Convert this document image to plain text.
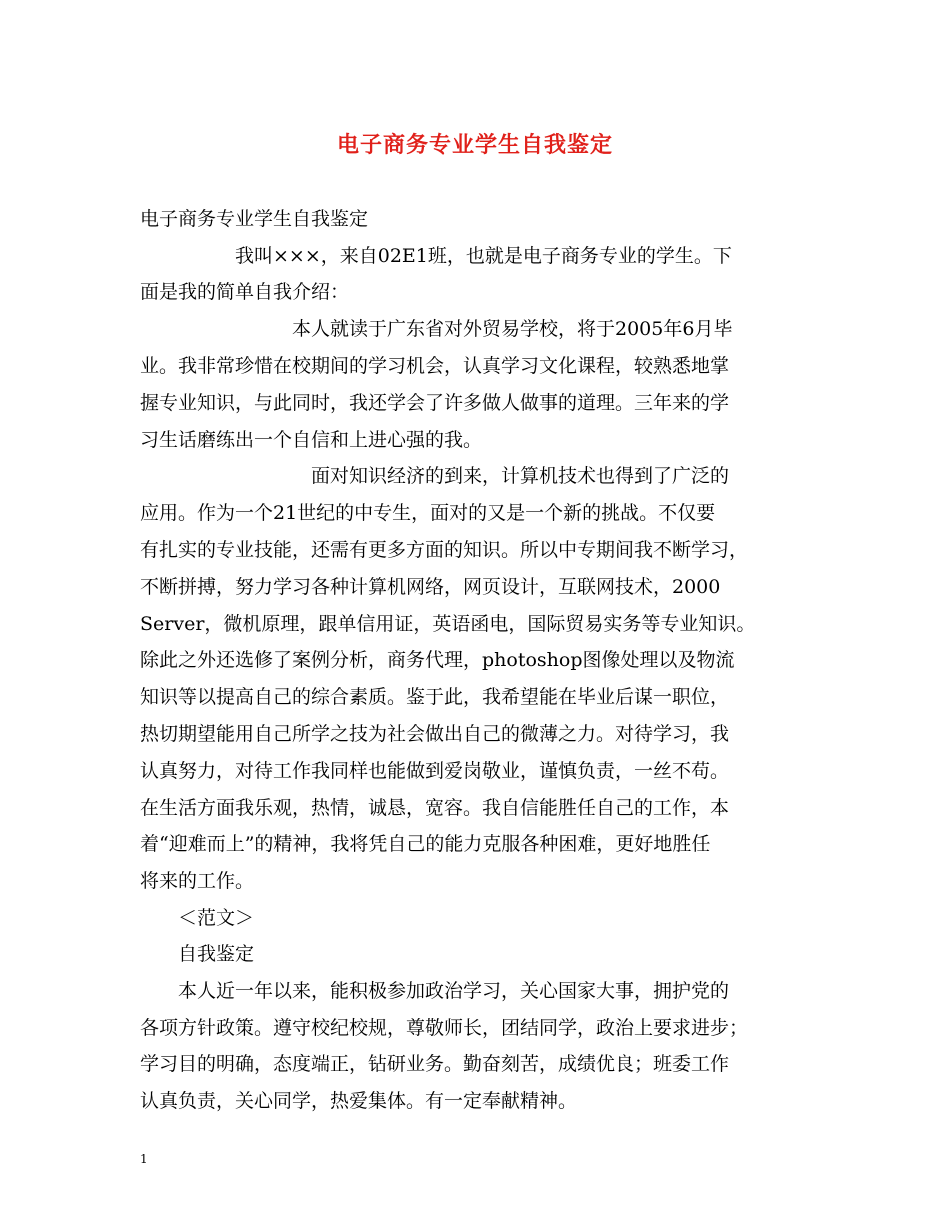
电子商务专业学生自我鉴定
电子商务专业学生自我鉴定
　　　　　我叫×××，来自02E1班，也就是电子商务专业的学生。下
面是我的简单自我介绍：
　　　　　　　　本人就读于广东省对外贸易学校，将于2005年6月毕
业。我非常珍惜在校期间的学习机会，认真学习文化课程，较熟悉地掌
握专业知识，与此同时，我还学会了许多做人做事的道理。三年来的学
习生话磨练出一个自信和上进心强的我。
　　　　　　　　　面对知识经济的到来，计算机技术也得到了广泛的
应用。作为一个21世纪的中专生，面对的又是一个新的挑战。不仅要
有扎实的专业技能，还需有更多方面的知识。所以中专期间我不断学习，
不断拼搏，努力学习各种计算机网络，网页设计，互联网技术，2000
Server，微机原理，跟单信用证，英语函电，国际贸易实务等专业知识。
除此之外还选修了案例分析，商务代理，photoshop图像处理以及物流
知识等以提高自己的综合素质。鉴于此，我希望能在毕业后谋一职位，
热切期望能用自己所学之技为社会做出自己的微薄之力。对待学习，我
认真努力，对待工作我同样也能做到爱岗敬业，谨慎负责，一丝不苟。
在生活方面我乐观，热情，诚恳，宽容。我自信能胜任自己的工作，本
着“迎难而上”的精神，我将凭自己的能力克服各种困难，更好地胜任
将来的工作。
　　＜范文＞
　　自我鉴定
　　本人近一年以来，能积极参加政治学习，关心国家大事，拥护党的
各项方针政策。遵守校纪校规，尊敬师长，团结同学，政治上要求进步；
学习目的明确，态度端正，钻研业务。勤奋刻苦，成绩优良；班委工作
认真负责，关心同学，热爱集体。有一定奉献精神。
1
